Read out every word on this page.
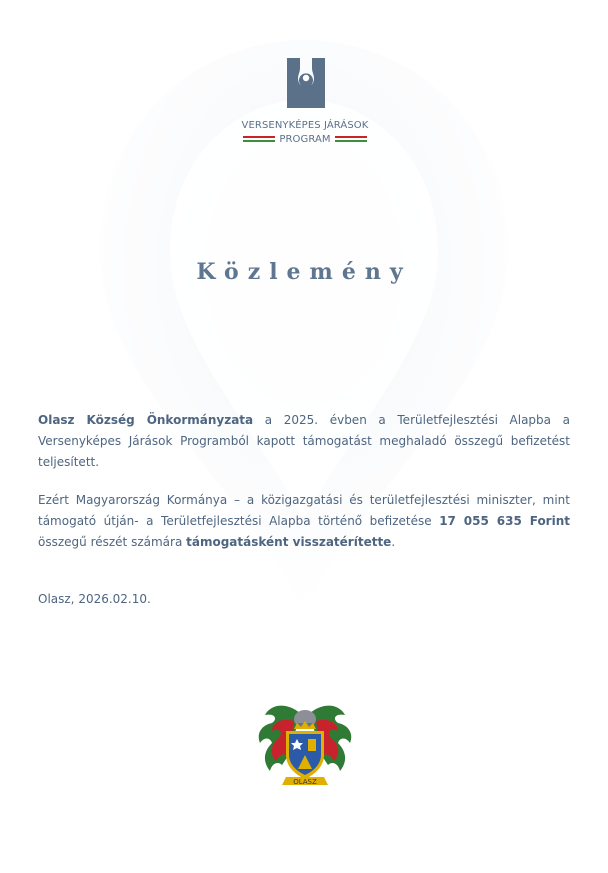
VERSENYKÉPES JÁRÁSOK
PROGRAM
Közlemény
Olasz Község Önkormányzata a 2025. évben a Területfejlesztési Alapba a Versenyképes Járások Programból kapott támogatást meghaladó összegű befizetést teljesített.
Ezért Magyarország Kormánya – a közigazgatási és területfejlesztési miniszter, mint támogató útján- a Területfejlesztési Alapba történő befizetése 17 055 635 Forint összegű részét számára támogatásként visszatérítette.
Olasz, 2026.02.10.
OLASZ
